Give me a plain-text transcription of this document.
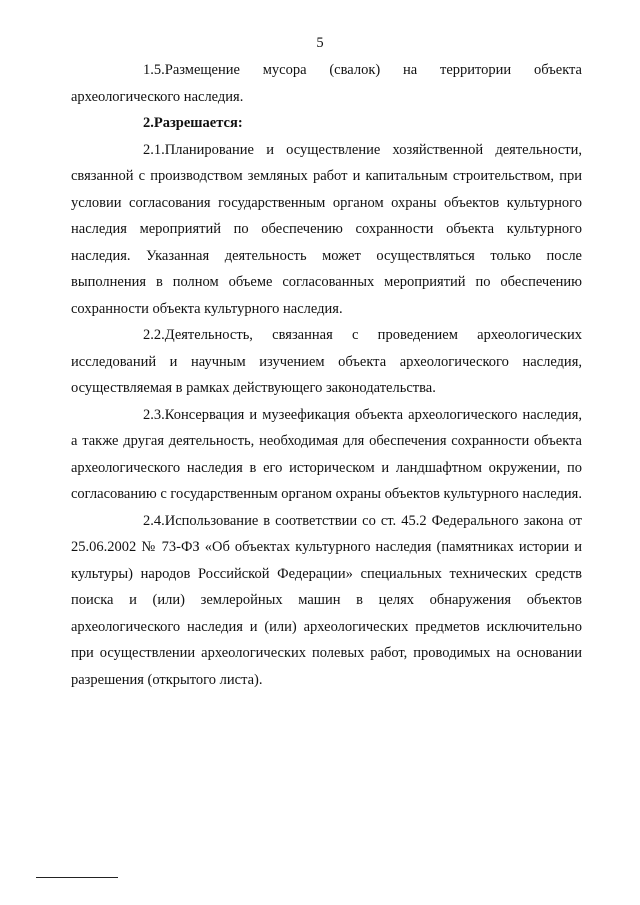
5

1.5.Размещение мусора (свалок) на территории объекта археологического наследия.

2.Разрешается:

2.1.Планирование и осуществление хозяйственной деятельности, связанной с производством земляных работ и капитальным строительством, при условии согласования государственным органом охраны объектов культурного наследия мероприятий по обеспечению сохранности объекта культурного наследия. Указанная деятельность может осуществляться только после выполнения в полном объеме согласованных мероприятий по обеспечению сохранности объекта культурного наследия.

2.2.Деятельность, связанная с проведением археологических исследований и научным изучением объекта археологического наследия, осуществляемая в рамках действующего законодательства.

2.3.Консервация и музеефикация объекта археологического наследия, а также другая деятельность, необходимая для обеспечения сохранности объекта археологического наследия в его историческом и ландшафтном окружении, по согласованию с государственным органом охраны объектов культурного наследия.

2.4.Использование в соответствии со ст. 45.2 Федерального закона от 25.06.2002 № 73-ФЗ «Об объектах культурного наследия (памятниках истории и культуры) народов Российской Федерации» специальных технических средств поиска и (или) землеройных машин в целях обнаружения объектов археологического наследия и (или) археологических предметов исключительно при осуществлении археологических полевых работ, проводимых на основании разрешения (открытого листа).
